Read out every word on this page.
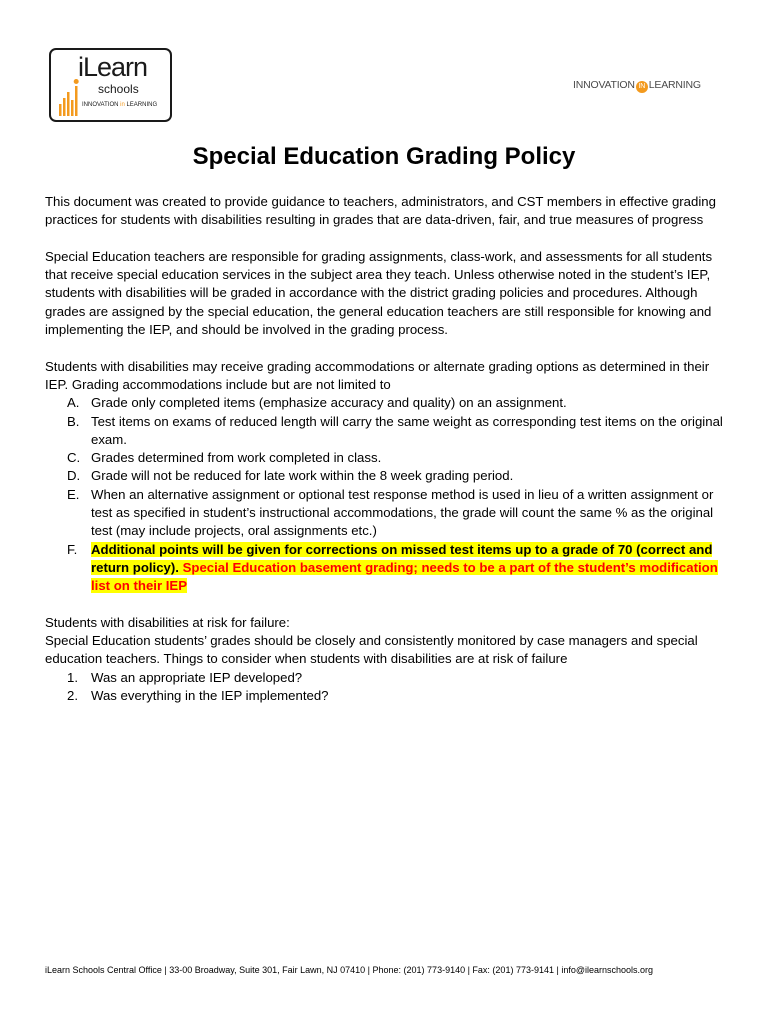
iLearn
schools
INNOVATION in LEARNING
INNOVATION IN LEARNING
Special Education Grading Policy

This document was created to provide guidance to teachers, administrators, and CST members in effective grading practices for students with disabilities resulting in grades that are data-driven, fair, and true measures of progress

Special Education teachers are responsible for grading assignments, class-work, and assessments for all students that receive special education services in the subject area they teach. Unless otherwise noted in the student’s IEP, students with disabilities will be graded in accordance with the district grading policies and procedures. Although grades are assigned by the special education, the general education teachers are still responsible for knowing and implementing the IEP, and should be involved in the grading process.

Students with disabilities may receive grading accommodations or alternate grading options as determined in their IEP. Grading accommodations include but are not limited to

A. Grade only completed items (emphasize accuracy and quality) on an assignment.
B. Test items on exams of reduced length will carry the same weight as corresponding test items on the original exam.
C. Grades determined from work completed in class.
D. Grade will not be reduced for late work within the 8 week grading period.
E. When an alternative assignment or optional test response method is used in lieu of a written assignment or test as specified in student’s instructional accommodations, the grade will count the same % as the original test (may include projects, oral assignments etc.)
F. Additional points will be given for corrections on missed test items up to a grade of 70 (correct and return policy). Special Education basement grading; needs to be a part of the student’s modification list on their IEP

Students with disabilities at risk for failure:

Special Education students’ grades should be closely and consistently monitored by case managers and special education teachers. Things to consider when students with disabilities are at risk of failure

1. Was an appropriate IEP developed?
2. Was everything in the IEP implemented?
iLearn Schools Central Office | 33-00 Broadway, Suite 301, Fair Lawn, NJ 07410 | Phone: (201) 773-9140 | Fax: (201) 773-9141 | info@ilearnschools.org
